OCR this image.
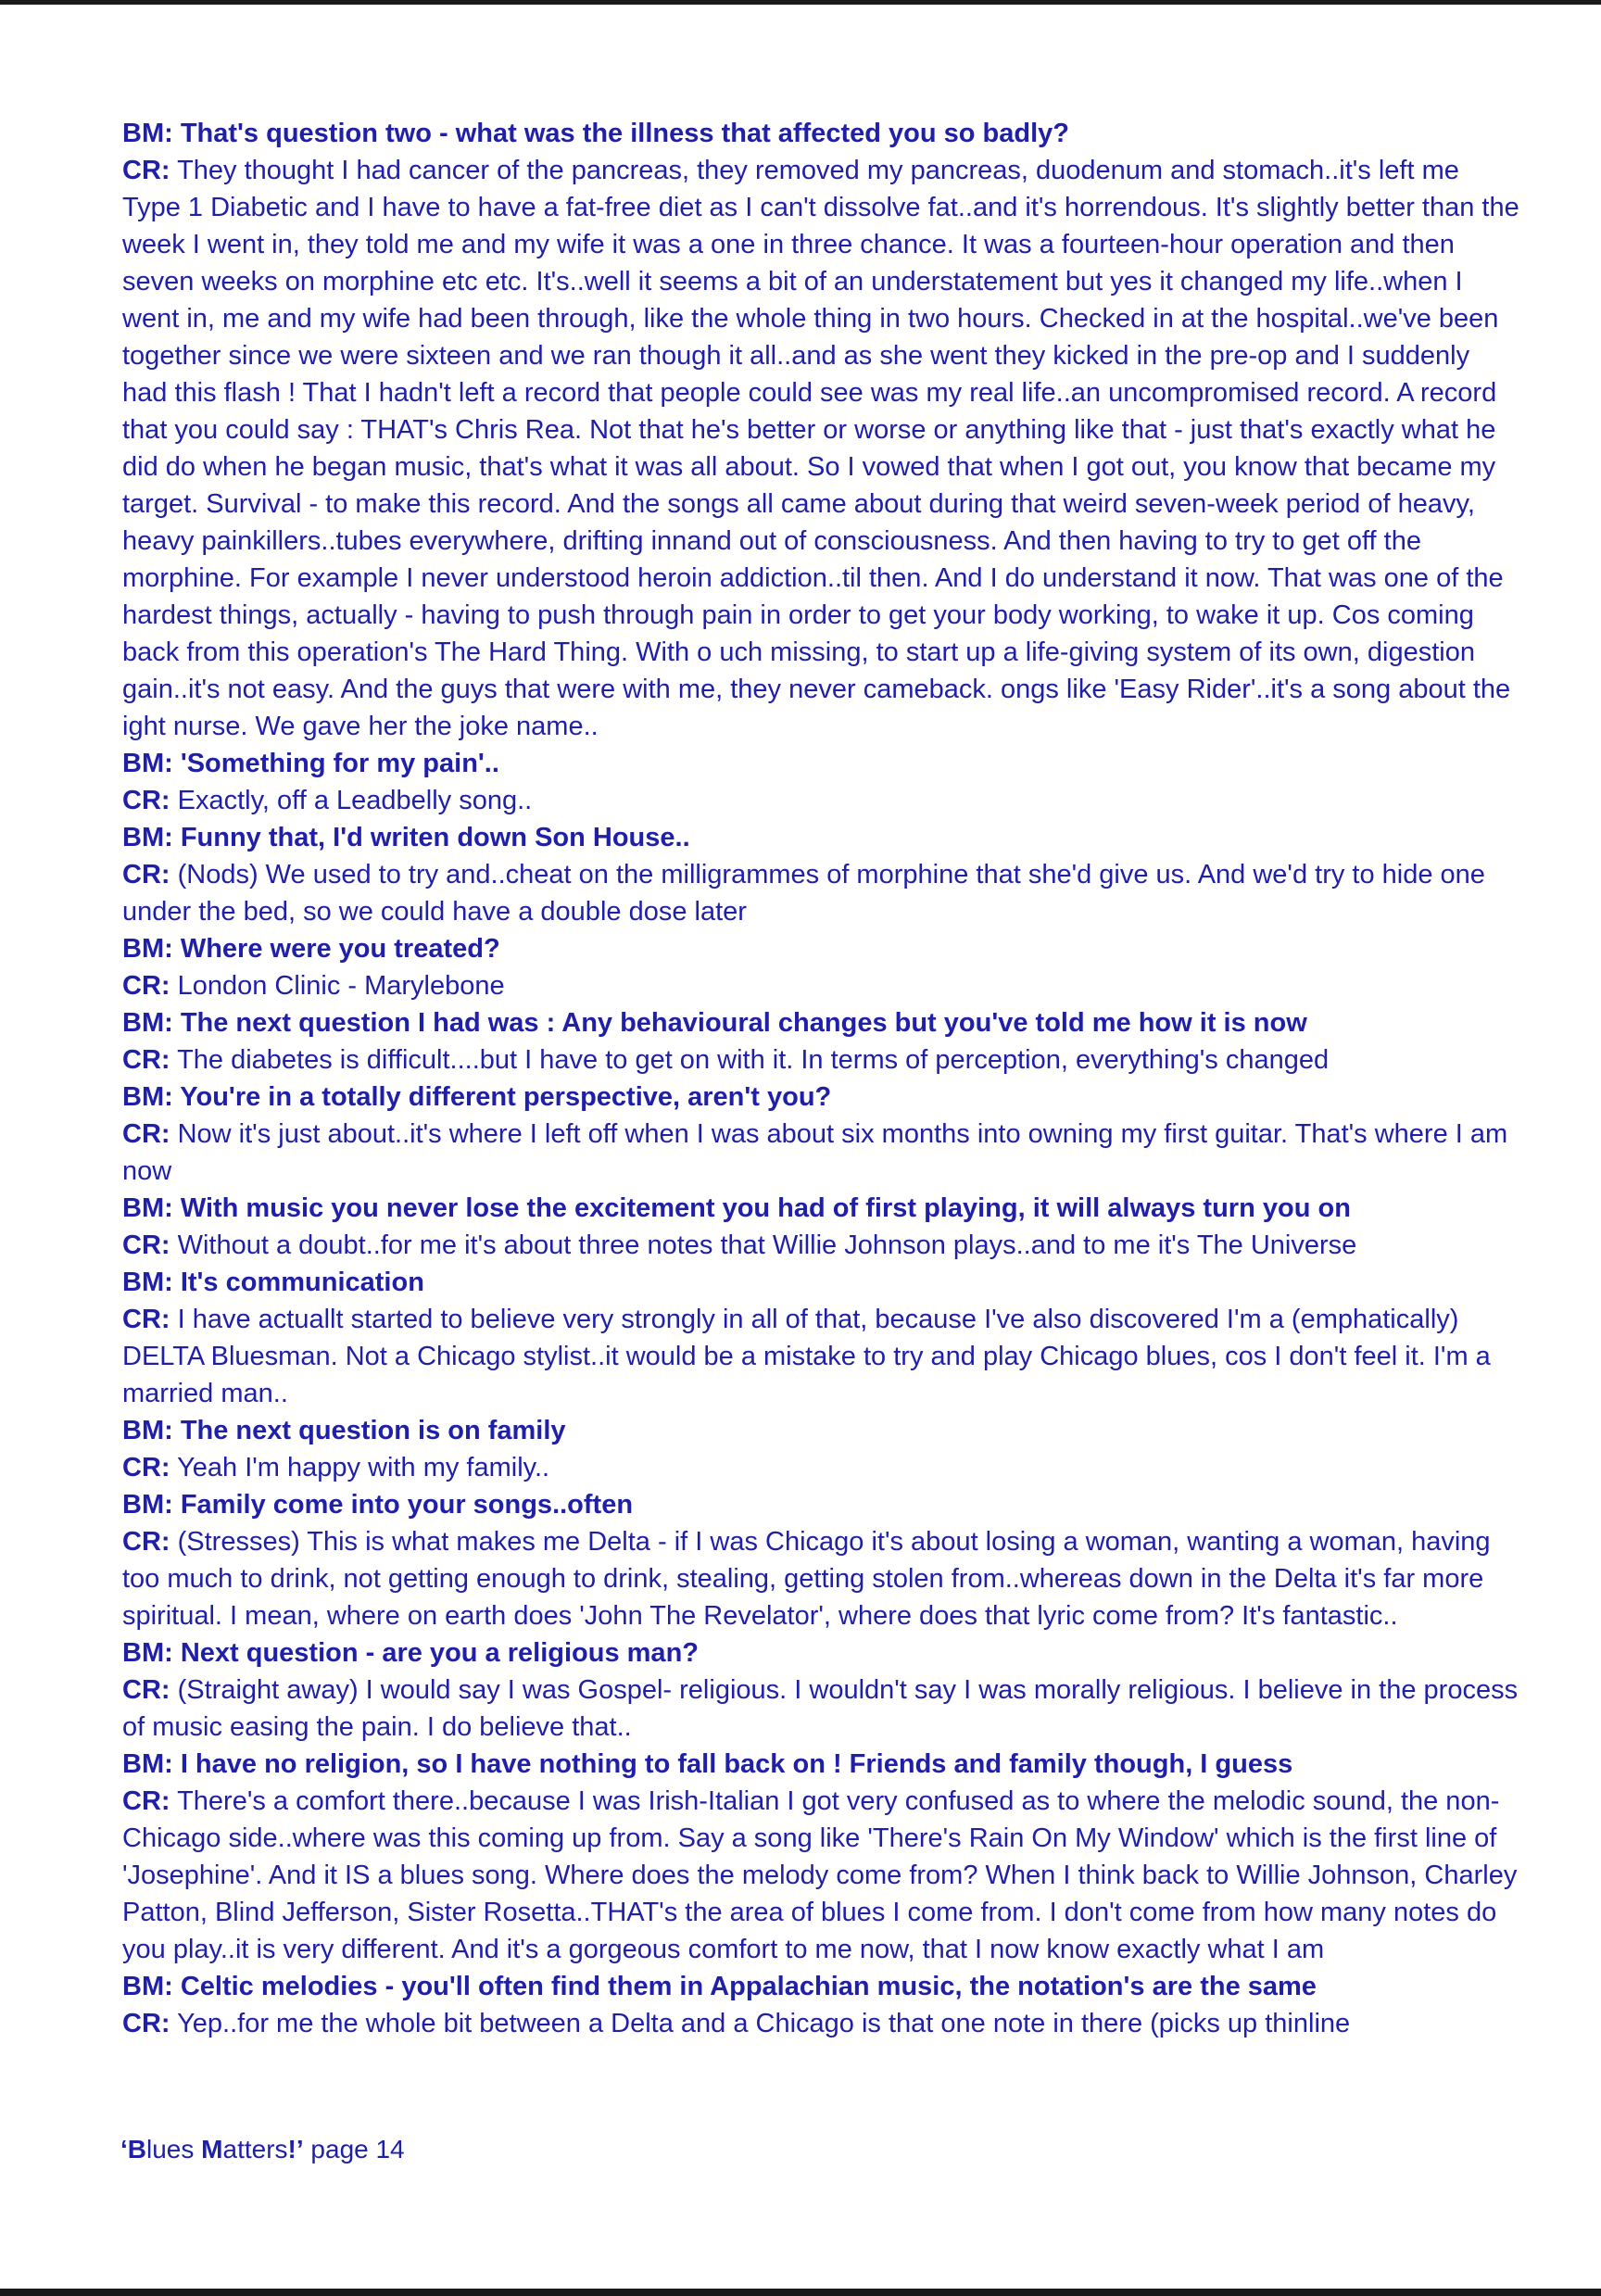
BM: That's question two - what was the illness that affected you so badly?

CR: They thought I had cancer of the pancreas, they removed my pancreas, duodenum and stomach..it's left me Type 1 Diabetic and I have to have a fat-free diet as I can't dissolve fat..and it's horrendous. It's slightly better than the week I went in, they told me and my wife it was a one in three chance. It was a fourteen-hour operation and then seven weeks on morphine etc etc. It's..well it seems a bit of an understatement but yes it changed my life..when I went in, me and my wife had been through, like the whole thing in two hours. Checked in at the hospital..we've been together since we were sixteen and we ran though it all..and as she went they kicked in the pre-op and I suddenly had this flash ! That I hadn't left a record that people could see was my real life..an uncompromised record. A record that you could say : THAT's Chris Rea. Not that he's better or worse or anything like that - just that's exactly what he did do when he began music, that's what it was all about. So I vowed that when I got out, you know that became my target. Survival - to make this record. And the songs all came about during that weird seven-week period of heavy, heavy painkillers..tubes everywhere, drifting innand out of consciousness. And then having to try to get off the morphine. For example I never understood heroin addiction..til then. And I do understand it now. That was one of the hardest things, actually - having to push through pain in order to get your body working, to wake it up. Cos coming back from this operation's The Hard Thing. With o uch missing, to start up a life-giving system of its own, digestion gain..it's not easy. And the guys that were with me, they never cameback. ongs like 'Easy Rider'..it's a song about the ight nurse. We gave her the joke name..

BM: 'Something for my pain'..

CR: Exactly, off a Leadbelly song..

BM: Funny that, I'd writen down Son House..

CR: (Nods) We used to try and..cheat on the milligrammes of morphine that she'd give us. And we'd try to hide one under the bed, so we could have a double dose later

BM: Where were you treated?

CR: London Clinic - Marylebone

BM: The next question I had was : Any behavioural changes but you've told me how it is now

CR: The diabetes is difficult....but I have to get on with it. In terms of perception, everything's changed

BM: You're in a totally different perspective, aren't you?

CR: Now it's just about..it's where I left off when I was about six months into owning my first guitar. That's where I am now

BM: With music you never lose the excitement you had of first playing, it will always turn you on

CR: Without a doubt..for me it's about three notes that Willie Johnson plays..and to me it's The Universe

BM: It's communication

CR: I have actuallt started to believe very strongly in all of that, because I've also discovered I'm a (emphatically) DELTA Bluesman. Not a Chicago stylist..it would be a mistake to try and play Chicago blues, cos I don't feel it. I'm a married man..

BM: The next question is on family

CR: Yeah I'm happy with my family..

BM: Family come into your songs..often

CR: (Stresses) This is what makes me Delta - if I was Chicago it's about losing a woman, wanting a woman, having too much to drink, not getting enough to drink, stealing, getting stolen from..whereas down in the Delta it's far more spiritual. I mean, where on earth does 'John The Revelator', where does that lyric come from? It's fantastic..

BM: Next question - are you a religious man?

CR: (Straight away) I would say I was Gospel- religious. I wouldn't say I was morally religious. I believe in the process of music easing the pain. I do believe that..

BM: I have no religion, so I have nothing to fall back on ! Friends and family though, I guess

CR: There's a comfort there..because I was Irish-Italian I got very confused as to where the melodic sound, the non-Chicago side..where was this coming up from. Say a song like 'There's Rain On My Window' which is the first line of 'Josephine'. And it IS a blues song. Where does the melody come from? When I think back to Willie Johnson, Charley Patton, Blind Jefferson, Sister Rosetta..THAT's the area of blues I come from. I don't come from how many notes do you play..it is very different. And it's a gorgeous comfort to me now, that I now know exactly what I am

BM: Celtic melodies - you'll often find them in Appalachian music, the notation's are the same

CR: Yep..for me the whole bit between a Delta and a Chicago is that one note in there (picks up thinline

‘Blues Matters!’ page 14
